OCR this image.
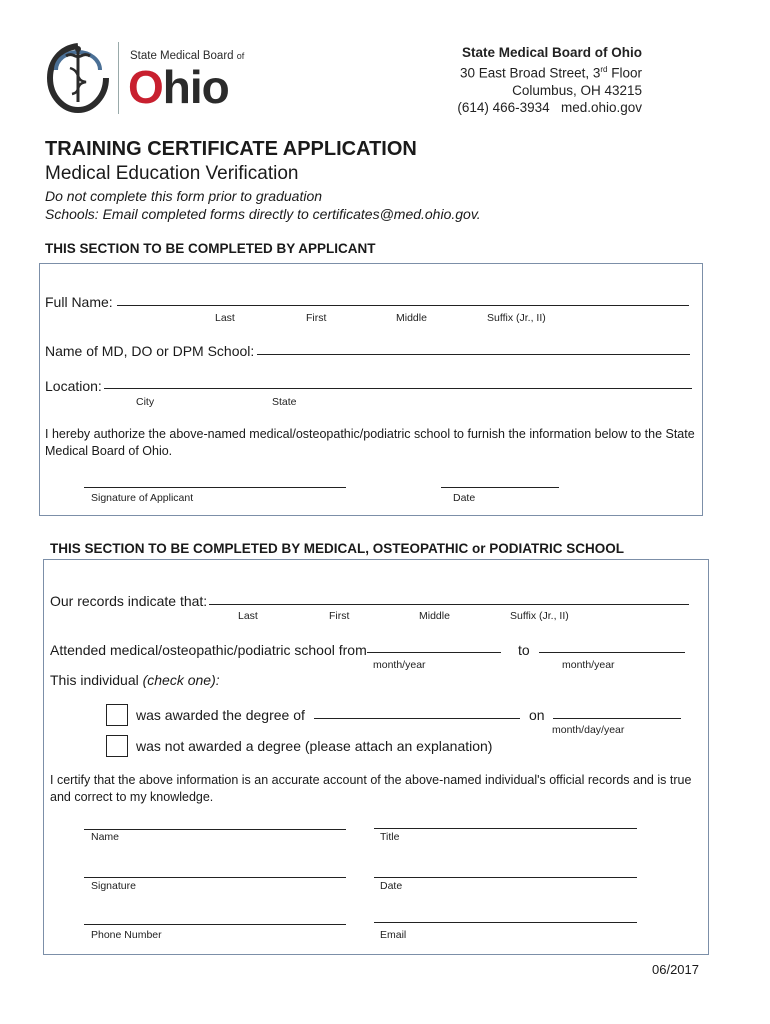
State Medical Board of
Ohio
State Medical Board of Ohio
30 East Broad Street, 3rd Floor
Columbus, OH 43215
(614) 466-3934   med.ohio.gov
TRAINING CERTIFICATE APPLICATION
Medical Education Verification
Do not complete this form prior to graduation
Schools: Email completed forms directly to certificates@med.ohio.gov.
THIS SECTION TO BE COMPLETED BY APPLICANT
Full Name:
Last	First	Middle	Suffix (Jr., II)
Name of MD, DO or DPM School:
Location:
City	State
I hereby authorize the above-named medical/osteopathic/podiatric school to furnish the information below to the State Medical Board of Ohio.
Signature of Applicant	Date
THIS SECTION TO BE COMPLETED BY MEDICAL, OSTEOPATHIC or PODIATRIC SCHOOL
Our records indicate that:
Last	First	Middle	Suffix (Jr., II)
Attended medical/osteopathic/podiatric school from	to
month/year	month/year
This individual (check one):
was awarded the degree of	on
month/day/year
was not awarded a degree (please attach an explanation)
I certify that the above information is an accurate account of the above-named individual's official records and is true and correct to my knowledge.
Name	Title
Signature	Date
Phone Number	Email
06/2017
